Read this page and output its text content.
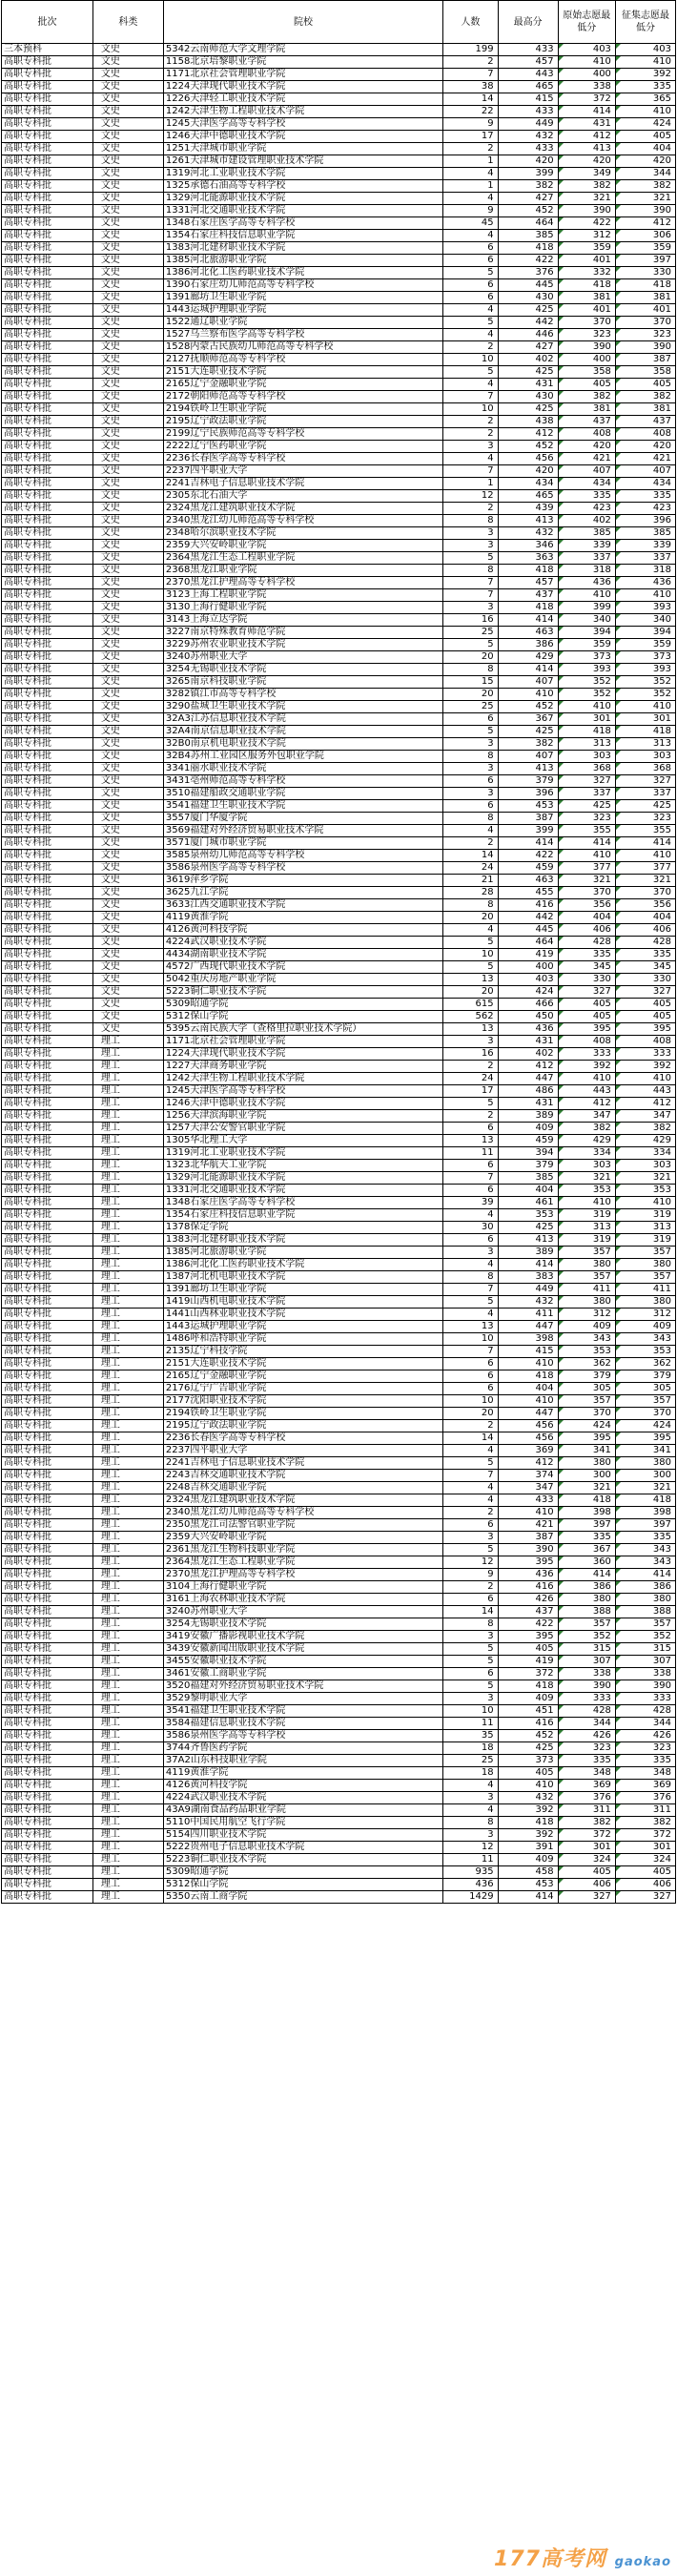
批次	科类	院校	人数	最高分	原始志愿最低分	征集志愿最低分
三本预科	文史	5342云南师范大学文理学院	199	433	403	403
高职专科批	文史	1158北京培黎职业学院	2	457	410	410
高职专科批	文史	1171北京社会管理职业学院	7	443	400	392
高职专科批	文史	1224天津现代职业技术学院	38	465	338	335
高职专科批	文史	1226天津轻工职业技术学院	14	415	372	365
高职专科批	文史	1242天津生物工程职业技术学院	22	433	414	410
高职专科批	文史	1245天津医学高等专科学校	9	449	431	424
高职专科批	文史	1246天津中德职业技术学院	17	432	412	405
高职专科批	文史	1251天津城市职业学院	2	433	413	404
高职专科批	文史	1261天津城市建设管理职业技术学院	1	420	420	420
高职专科批	文史	1319河北工业职业技术学院	4	399	349	344
高职专科批	文史	1325承德石油高等专科学校	1	382	382	382
高职专科批	文史	1329河北能源职业技术学院	4	427	321	321
高职专科批	文史	1331河北交通职业技术学院	9	452	390	390
高职专科批	文史	1348石家庄医学高等专科学校	45	464	422	412
高职专科批	文史	1354石家庄科技信息职业学院	4	385	312	306
高职专科批	文史	1383河北建材职业技术学院	6	418	359	359
高职专科批	文史	1385河北旅游职业学院	6	422	401	397
高职专科批	文史	1386河北化工医药职业技术学院	5	376	332	330
高职专科批	文史	1390石家庄幼儿师范高等专科学校	6	445	418	418
高职专科批	文史	1391廊坊卫生职业学院	6	430	381	381
高职专科批	文史	1443运城护理职业学院	4	425	401	401
高职专科批	文史	1522通辽职业学院	5	442	370	370
高职专科批	文史	1527乌兰察布医学高等专科学校	4	446	323	323
高职专科批	文史	1528内蒙古民族幼儿师范高等专科学校	2	427	390	390
高职专科批	文史	2127抚顺师范高等专科学校	10	402	400	387
高职专科批	文史	2151大连职业技术学院	5	425	358	358
高职专科批	文史	2165辽宁金融职业学院	4	431	405	405
高职专科批	文史	2172朝阳师范高等专科学校	7	430	382	382
高职专科批	文史	2194铁岭卫生职业学院	10	425	381	381
高职专科批	文史	2195辽宁政法职业学院	2	438	437	437
高职专科批	文史	2199辽宁民族师范高等专科学校	2	412	408	408
高职专科批	文史	2222辽宁医药职业学院	3	452	420	420
高职专科批	文史	2236长春医学高等专科学校	4	456	421	421
高职专科批	文史	2237四平职业大学	7	420	407	407
高职专科批	文史	2241吉林电子信息职业技术学院	1	434	434	434
高职专科批	文史	2305东北石油大学	12	465	335	335
高职专科批	文史	2324黑龙江建筑职业技术学院	2	439	423	423
高职专科批	文史	2340黑龙江幼儿师范高等专科学校	8	413	402	396
高职专科批	文史	2348哈尔滨职业技术学院	3	432	385	385
高职专科批	文史	2359大兴安岭职业学院	3	346	339	339
高职专科批	文史	2364黑龙江生态工程职业学院	5	363	337	337
高职专科批	文史	2368黑龙江职业学院	8	418	318	318
高职专科批	文史	2370黑龙江护理高等专科学校	7	457	436	436
高职专科批	文史	3123上海工程职业学院	7	437	410	410
高职专科批	文史	3130上海行健职业学院	3	418	399	393
高职专科批	文史	3143上海立达学院	16	414	340	340
高职专科批	文史	3227南京特殊教育师范学院	25	463	394	394
高职专科批	文史	3229苏州农业职业技术学院	5	386	359	359
高职专科批	文史	3240苏州职业大学	20	429	373	373
高职专科批	文史	3254无锡职业技术学院	8	414	393	393
高职专科批	文史	3265南京科技职业学院	15	407	352	352
高职专科批	文史	3282镇江市高等专科学校	20	410	352	352
高职专科批	文史	3290盐城卫生职业技术学院	25	452	410	410
高职专科批	文史	32A3江苏信息职业技术学院	6	367	301	301
高职专科批	文史	32A4南京信息职业技术学院	5	425	418	418
高职专科批	文史	32B0南京机电职业技术学院	3	382	313	313
高职专科批	文史	32B4苏州工业园区服务外包职业学院	8	407	303	303
高职专科批	文史	3341丽水职业技术学院	3	413	368	368
高职专科批	文史	3431亳州师范高等专科学校	6	379	327	327
高职专科批	文史	3510福建船政交通职业学院	3	396	337	337
高职专科批	文史	3541福建卫生职业技术学院	6	453	425	425
高职专科批	文史	3557厦门华厦学院	8	387	323	323
高职专科批	文史	3569福建对外经济贸易职业技术学院	4	399	355	355
高职专科批	文史	3571厦门城市职业学院	2	414	414	414
高职专科批	文史	3585泉州幼儿师范高等专科学校	14	422	410	410
高职专科批	文史	3586泉州医学高等专科学校	24	459	377	377
高职专科批	文史	3619萍乡学院	21	463	321	321
高职专科批	文史	3625九江学院	28	455	370	370
高职专科批	文史	3633江西交通职业技术学院	8	416	356	356
高职专科批	文史	4119黄淮学院	20	442	404	404
高职专科批	文史	4126黄河科技学院	4	445	406	406
高职专科批	文史	4224武汉职业技术学院	5	464	428	428
高职专科批	文史	4434湖南职业技术学院	10	419	335	335
高职专科批	文史	4572广西现代职业技术学院	5	400	345	345
高职专科批	文史	5042重庆房地产职业学院	13	403	330	330
高职专科批	文史	5223铜仁职业技术学院	20	424	327	327
高职专科批	文史	5309昭通学院	615	466	405	405
高职专科批	文史	5312保山学院	562	450	405	405
高职专科批	文史	5395云南民族大学（查格里拉职业技术学院）	13	436	395	395
高职专科批	理工	1171北京社会管理职业学院	3	431	408	408
高职专科批	理工	1224天津现代职业技术学院	16	402	333	333
高职专科批	理工	1227天津商务职业学院	2	412	392	392
高职专科批	理工	1242天津生物工程职业技术学院	24	447	410	410
高职专科批	理工	1245天津医学高等专科学校	17	486	443	443
高职专科批	理工	1246天津中德职业技术学院	5	431	412	412
高职专科批	理工	1256天津滨海职业学院	2	389	347	347
高职专科批	理工	1257天津公安警官职业学院	6	409	382	382
高职专科批	理工	1305华北理工大学	13	459	429	429
高职专科批	理工	1319河北工业职业技术学院	11	394	334	334
高职专科批	理工	1323北华航天工业学院	6	379	303	303
高职专科批	理工	1329河北能源职业技术学院	7	385	321	321
高职专科批	理工	1331河北交通职业技术学院	6	404	353	353
高职专科批	理工	1348石家庄医学高等专科学校	39	461	410	410
高职专科批	理工	1354石家庄科技信息职业学院	4	353	319	319
高职专科批	理工	1378保定学院	30	425	313	313
高职专科批	理工	1383河北建材职业技术学院	6	413	319	319
高职专科批	理工	1385河北旅游职业学院	3	389	357	357
高职专科批	理工	1386河北化工医药职业技术学院	4	414	380	380
高职专科批	理工	1387河北机电职业技术学院	8	383	357	357
高职专科批	理工	1391廊坊卫生职业学院	7	449	411	411
高职专科批	理工	1419山西机电职业技术学院	5	432	380	380
高职专科批	理工	1441山西林业职业技术学院	4	411	312	312
高职专科批	理工	1443运城护理职业学院	13	447	409	409
高职专科批	理工	1486呼和浩特职业学院	10	398	343	343
高职专科批	理工	2135辽宁科技学院	7	415	353	353
高职专科批	理工	2151大连职业技术学院	6	410	362	362
高职专科批	理工	2165辽宁金融职业学院	6	418	379	379
高职专科批	理工	2176辽宁广告职业学院	6	404	305	305
高职专科批	理工	2177沈阳职业技术学院	10	410	357	357
高职专科批	理工	2194铁岭卫生职业学院	20	447	370	370
高职专科批	理工	2195辽宁政法职业学院	2	456	424	424
高职专科批	理工	2236长春医学高等专科学校	14	456	395	395
高职专科批	理工	2237四平职业大学	4	369	341	341
高职专科批	理工	2241吉林电子信息职业技术学院	5	412	380	380
高职专科批	理工	2243吉林交通职业技术学院	7	374	300	300
高职专科批	理工	2248吉林交通职业学院	4	347	321	321
高职专科批	理工	2324黑龙江建筑职业技术学院	4	433	418	418
高职专科批	理工	2340黑龙江幼儿师范高等专科学校	2	410	398	398
高职专科批	理工	2350黑龙江司法警官职业学院	6	421	397	397
高职专科批	理工	2359大兴安岭职业学院	3	387	335	335
高职专科批	理工	2361黑龙江生物科技职业学院	5	390	367	343
高职专科批	理工	2364黑龙江生态工程职业学院	12	395	360	343
高职专科批	理工	2370黑龙江护理高等专科学校	9	436	414	414
高职专科批	理工	3104上海行健职业学院	2	416	386	386
高职专科批	理工	3161上海农林职业技术学院	6	426	380	380
高职专科批	理工	3240苏州职业大学	14	437	388	388
高职专科批	理工	3254无锡职业技术学院	8	422	357	357
高职专科批	理工	3419安徽广播影视职业技术学院	3	395	352	352
高职专科批	理工	3439安徽新闻出版职业技术学院	5	405	315	315
高职专科批	理工	3455安徽职业技术学院	5	419	307	307
高职专科批	理工	3461安徽工商职业学院	6	372	338	338
高职专科批	理工	3520福建对外经济贸易职业技术学院	5	418	390	390
高职专科批	理工	3529黎明职业大学	3	409	333	333
高职专科批	理工	3541福建卫生职业技术学院	10	451	428	428
高职专科批	理工	3584福建信息职业技术学院	11	416	344	344
高职专科批	理工	3586泉州医学高等专科学校	35	452	426	426
高职专科批	理工	3744齐鲁医药学院	18	425	323	323
高职专科批	理工	37A2山东科技职业学院	25	373	335	335
高职专科批	理工	4119黄淮学院	18	405	348	348
高职专科批	理工	4126黄河科技学院	4	410	369	369
高职专科批	理工	4224武汉职业技术学院	3	432	376	376
高职专科批	理工	43A9湖南食品药品职业学院	4	392	311	311
高职专科批	理工	5110中国民用航空飞行学院	8	418	382	382
高职专科批	理工	5154四川职业技术学院	3	392	372	372
高职专科批	理工	5222贵州电子信息职业技术学院	12	391	301	301
高职专科批	理工	5223铜仁职业技术学院	11	409	324	324
高职专科批	理工	5309昭通学院	935	458	405	405
高职专科批	理工	5312保山学院	436	453	406	406
高职专科批	理工	5350云南工商学院	1429	414	327	327
177高考网 gaokao
